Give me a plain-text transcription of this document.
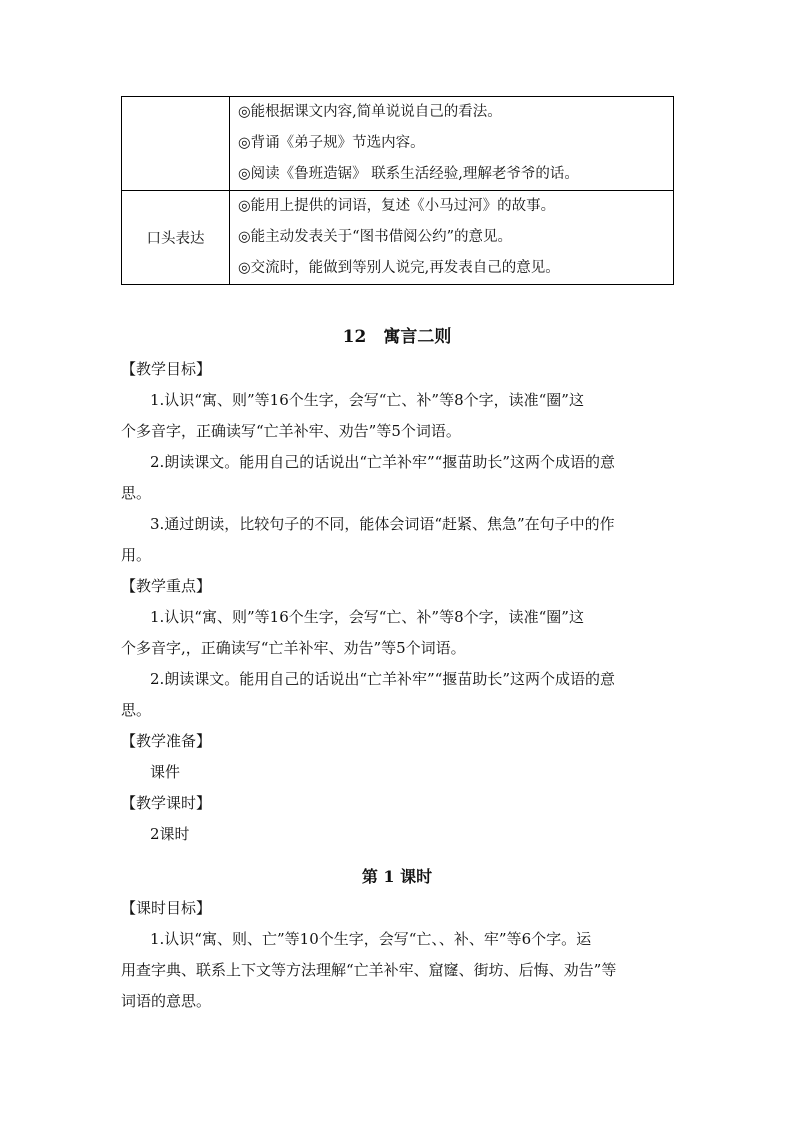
	◎能根据课文内容,简单说说自己的看法。
◎背诵《弟子规》节选内容。
◎阅读《鲁班造锯》 联系生活经验,理解老爷爷的话。

口头表达	◎能用上提供的词语，复述《小马过河》的故事。
◎能主动发表关于“图书借阅公约”的意见。
◎交流时，能做到等别人说完,再发表自己的意见。
12　寓言二则
【教学目标】
1.认识“寓、则”等16个生字，会写“亡、补”等8个字，读准“圈”这
个多音字，正确读写“亡羊补牢、劝告”等5个词语。
2.朗读课文。能用自己的话说出“亡羊补牢”“揠苗助长”这两个成语的意
思。
3.通过朗读，比较句子的不同，能体会词语“赶紧、焦急”在句子中的作
用。
【教学重点】
1.认识“寓、则”等16个生字，会写“亡、补”等8个字，读准“圈”这
个多音字,，正确读写“亡羊补牢、劝告”等5个词语。
2.朗读课文。能用自己的话说出“亡羊补牢”“揠苗助长”这两个成语的意
思。
【教学准备】
课件
【教学课时】
2课时
第 1 课时
【课时目标】
1.认识“寓、则、亡”等10个生字，会写“亡、、补、牢”等6个字。运
用查字典、联系上下文等方法理解“亡羊补牢、窟窿、街坊、后悔、劝告”等
词语的意思。
